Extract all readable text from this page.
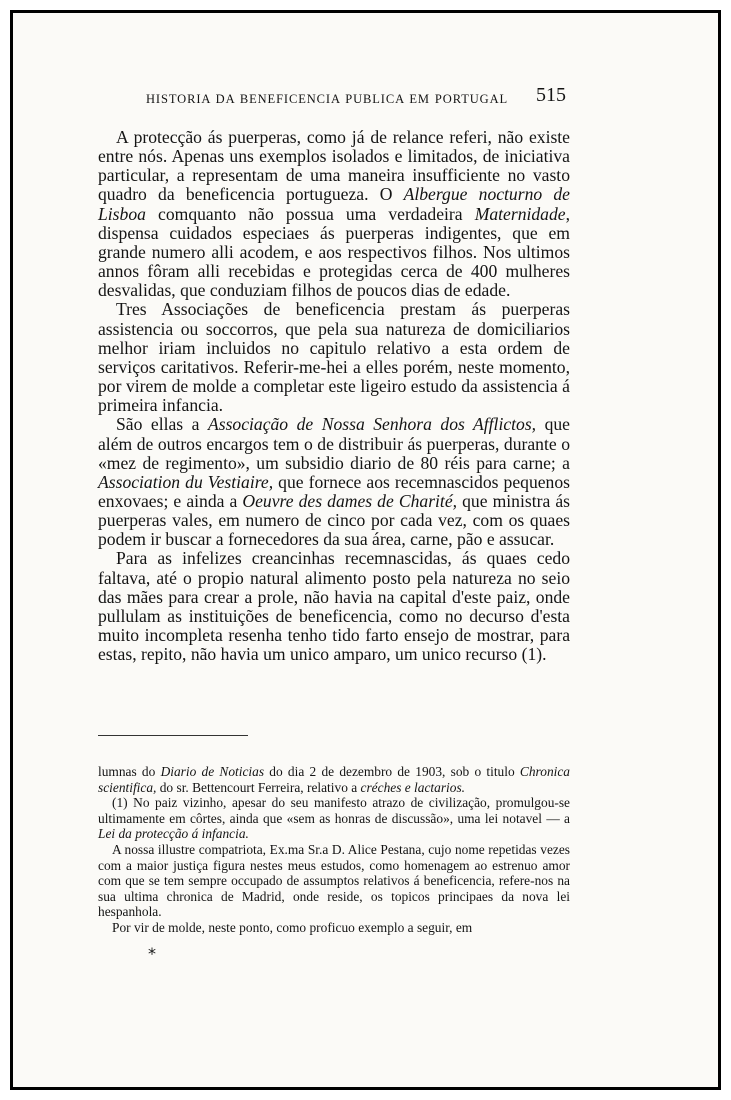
HISTORIA DA BENEFICENCIA PUBLICA EM PORTUGAL 515

A protecção ás puerperas, como já de relance referi, não existe entre nós. Apenas uns exemplos isolados e limitados, de iniciativa particular, a representam de uma maneira insufficiente no vasto quadro da beneficencia portugueza. O Albergue nocturno de Lisboa comquanto não possua uma verdadeira Maternidade, dispensa cuidados especiaes ás puerperas indigentes, que em grande numero alli acodem, e aos respectivos filhos. Nos ultimos annos fôram alli recebidas e protegidas cerca de 400 mulheres desvalidas, que conduziam filhos de poucos dias de edade.

Tres Associações de beneficencia prestam ás puerperas assistencia ou soccorros, que pela sua natureza de domiciliarios melhor iriam incluidos no capitulo relativo a esta ordem de serviços caritativos. Referir-me-hei a elles porém, neste momento, por virem de molde a completar este ligeiro estudo da assistencia á primeira infancia.

São ellas a Associação de Nossa Senhora dos Afflictos, que além de outros encargos tem o de distribuir ás puerperas, durante o «mez de regimento», um subsidio diario de 80 réis para carne; a Association du Vestiaire, que fornece aos recemnascidos pequenos enxovaes; e ainda a Oeuvre des dames de Charité, que ministra ás puerperas vales, em numero de cinco por cada vez, com os quaes podem ir buscar a fornecedores da sua área, carne, pão e assucar.

Para as infelizes creancinhas recemnascidas, ás quaes cedo faltava, até o propio natural alimento posto pela natureza no seio das mães para crear a prole, não havia na capital d'este paiz, onde pullulam as instituições de beneficencia, como no decurso d'esta muito incompleta resenha tenho tido farto ensejo de mostrar, para estas, repito, não havia um unico amparo, um unico recurso (1).

lumnas do Diario de Noticias do dia 2 de dezembro de 1903, sob o titulo Chronica scientifica, do sr. Bettencourt Ferreira, relativo a créches e lactarios.

(1) No paiz vizinho, apesar do seu manifesto atrazo de civilização, promulgou-se ultimamente em côrtes, ainda que «sem as honras de discussão», uma lei notavel — a Lei da protecção á infancia.

A nossa illustre compatriota, Ex.ma Sr.a D. Alice Pestana, cujo nome repetidas vezes com a maior justiça figura nestes meus estudos, como homenagem ao estrenuo amor com que se tem sempre occupado de assumptos relativos á beneficencia, refere-nos na sua ultima chronica de Madrid, onde reside, os topicos principaes da nova lei hespanhola.

Por vir de molde, neste ponto, como proficuo exemplo a seguir, em

*
